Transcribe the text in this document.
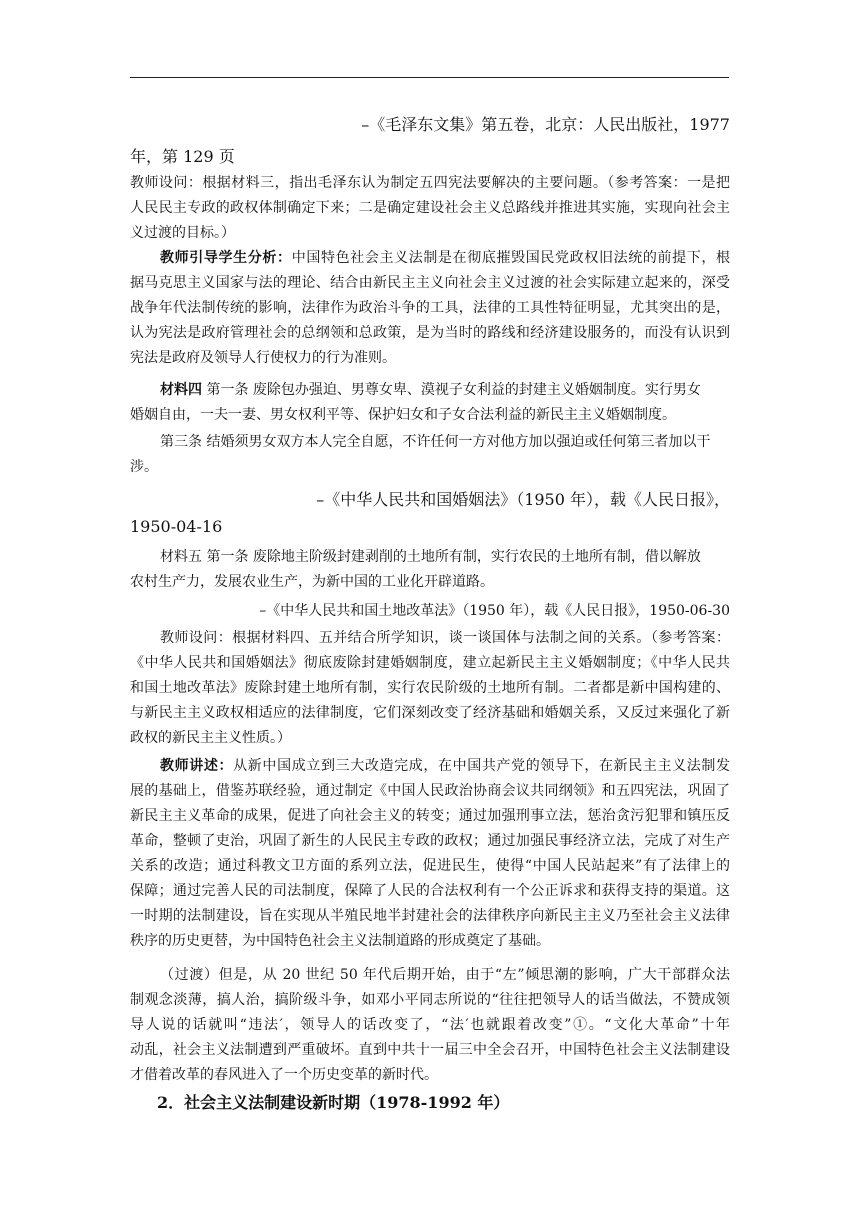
–《毛泽东文集》第五卷，北京：人民出版社，1977
年，第 129 页
教师设问：根据材料三，指出毛泽东认为制定五四宪法要解决的主要问题。（参考答案：一是把
人民民主专政的政权体制确定下来；二是确定建设社会主义总路线并推进其实施，实现向社会主
义过渡的目标。）
教师引导学生分析：中国特色社会主义法制是在彻底摧毁国民党政权旧法统的前提下，根
据马克思主义国家与法的理论、结合由新民主主义向社会主义过渡的社会实际建立起来的，深受
战争年代法制传统的影响，法律作为政治斗争的工具，法律的工具性特征明显，尤其突出的是，
认为宪法是政府管理社会的总纲领和总政策，是为当时的路线和经济建设服务的，而没有认识到
宪法是政府及领导人行使权力的行为准则。
材料四 第一条 废除包办强迫、男尊女卑、漠视子女利益的封建主义婚姻制度。实行男女
婚姻自由，一夫一妻、男女权利平等、保护妇女和子女合法利益的新民主主义婚姻制度。
第三条 结婚须男女双方本人完全自愿，不许任何一方对他方加以强迫或任何第三者加以干
涉。
–《中华人民共和国婚姻法》（1950 年），载《人民日报》，
1950-04-16
材料五 第一条 废除地主阶级封建剥削的土地所有制，实行农民的土地所有制，借以解放
农村生产力，发展农业生产，为新中国的工业化开辟道路。
–《中华人民共和国土地改革法》（1950 年），载《人民日报》，1950-06-30
教师设问：根据材料四、五并结合所学知识，谈一谈国体与法制之间的关系。（参考答案：
《中华人民共和国婚姻法》彻底废除封建婚姻制度，建立起新民主主义婚姻制度；《中华人民共
和国土地改革法》废除封建土地所有制，实行农民阶级的土地所有制。二者都是新中国构建的、
与新民主主义政权相适应的法律制度，它们深刻改变了经济基础和婚姻关系，又反过来强化了新
政权的新民主主义性质。）
教师讲述：从新中国成立到三大改造完成，在中国共产党的领导下，在新民主主义法制发
展的基础上，借鉴苏联经验，通过制定《中国人民政治协商会议共同纲领》和五四宪法，巩固了
新民主主义革命的成果，促进了向社会主义的转变；通过加强刑事立法，惩治贪污犯罪和镇压反
革命，整顿了吏治，巩固了新生的人民民主专政的政权；通过加强民事经济立法，完成了对生产
关系的改造；通过科教文卫方面的系列立法，促进民生，使得“中国人民站起来”有了法律上的
保障；通过完善人民的司法制度，保障了人民的合法权利有一个公正诉求和获得支持的渠道。这
一时期的法制建设，旨在实现从半殖民地半封建社会的法律秩序向新民主主义乃至社会主义法律
秩序的历史更替，为中国特色社会主义法制道路的形成奠定了基础。
（过渡）但是，从 20 世纪 50 年代后期开始，由于“左”倾思潮的影响，广大干部群众法
制观念淡薄，搞人治，搞阶级斗争，如邓小平同志所说的“往往把领导人的话当做法，不赞成领
导人说的话就叫“违法′，领导人的话改变了，“法′也就跟着改变”①。“文化大革命”十年
动乱，社会主义法制遭到严重破坏。直到中共十一届三中全会召开，中国特色社会主义法制建设
才借着改革的春风进入了一个历史变革的新时代。
2．社会主义法制建设新时期（1978-1992 年）
